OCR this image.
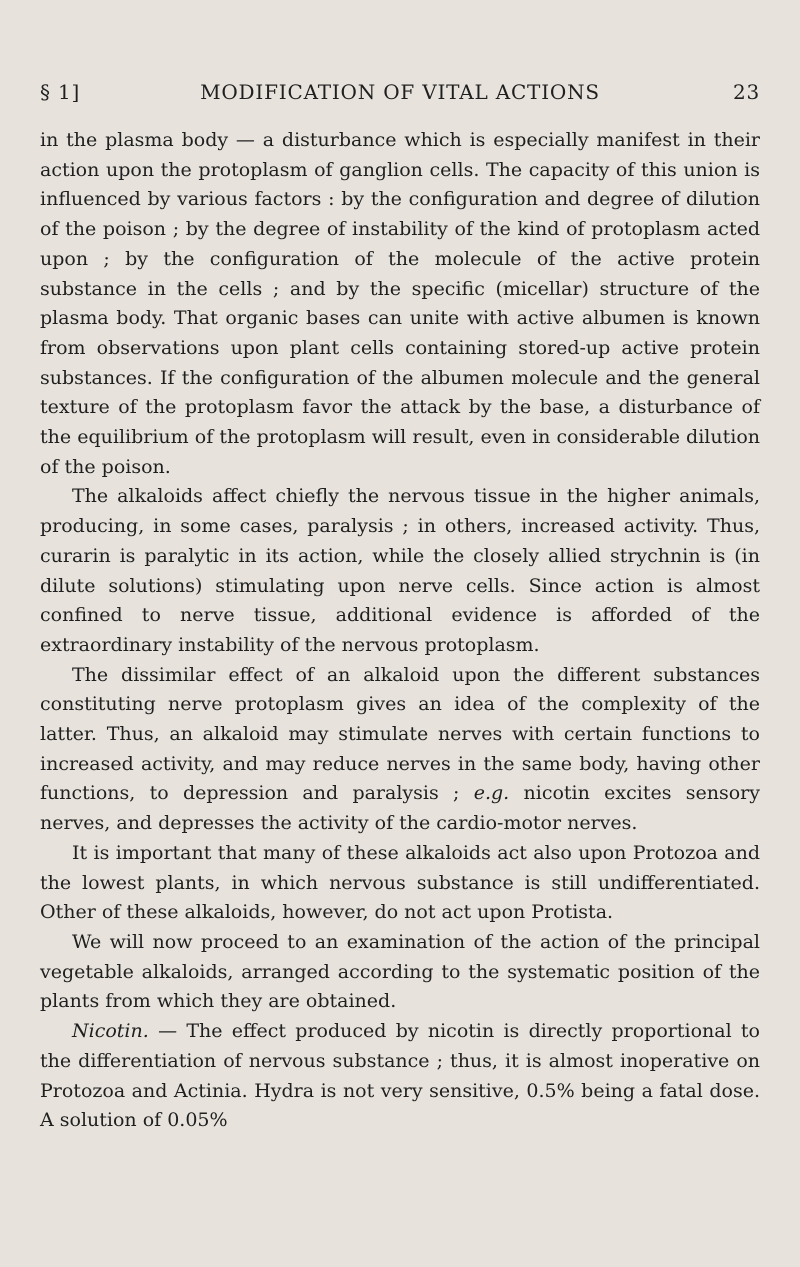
§ 1]	MODIFICATION OF VITAL ACTIONS	23

in the plasma body — a disturbance which is especially manifest in their action upon the protoplasm of ganglion cells. The capacity of this union is influenced by various factors : by the configuration and degree of dilution of the poison ; by the degree of instability of the kind of protoplasm acted upon ; by the configuration of the molecule of the active protein substance in the cells ; and by the specific (micellar) structure of the plasma body. That organic bases can unite with active albumen is known from observations upon plant cells containing stored-up active protein substances. If the configuration of the albumen molecule and the general texture of the protoplasm favor the attack by the base, a disturbance of the equilibrium of the protoplasm will result, even in considerable dilution of the poison.

The alkaloids affect chiefly the nervous tissue in the higher animals, producing, in some cases, paralysis ; in others, increased activity. Thus, curarin is paralytic in its action, while the closely allied strychnin is (in dilute solutions) stimulating upon nerve cells. Since action is almost confined to nerve tissue, additional evidence is afforded of the extraordinary instability of the nervous protoplasm.

The dissimilar effect of an alkaloid upon the different substances constituting nerve protoplasm gives an idea of the complexity of the latter. Thus, an alkaloid may stimulate nerves with certain functions to increased activity, and may reduce nerves in the same body, having other functions, to depression and paralysis ; e.g. nicotin excites sensory nerves, and depresses the activity of the cardio-motor nerves.

It is important that many of these alkaloids act also upon Protozoa and the lowest plants, in which nervous substance is still undifferentiated. Other of these alkaloids, however, do not act upon Protista.

We will now proceed to an examination of the action of the principal vegetable alkaloids, arranged according to the systematic position of the plants from which they are obtained.

Nicotin. — The effect produced by nicotin is directly proportional to the differentiation of nervous substance ; thus, it is almost inoperative on Protozoa and Actinia. Hydra is not very sensitive, 0.5% being a fatal dose. A solution of 0.05%
